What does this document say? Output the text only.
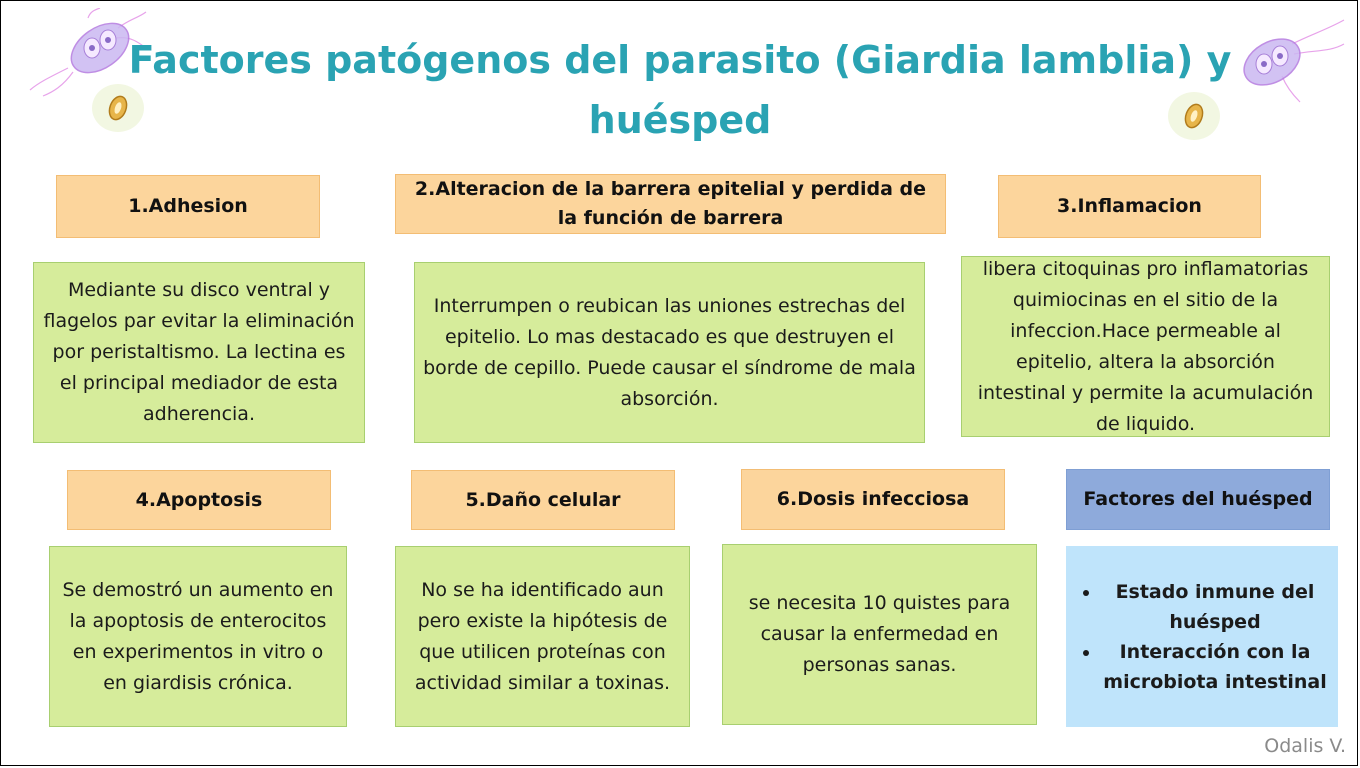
Factores patógenos del parasito (Giardia lamblia) y huésped
1.Adhesion
2.Alteracion de la barrera epitelial y perdida de la función de barrera
3.Inflamacion
Mediante su disco ventral y flagelos par evitar la eliminación por peristaltismo. La lectina es el principal mediador de esta adherencia.
Interrumpen o reubican las uniones estrechas del epitelio. Lo mas destacado es que destruyen el borde de cepillo. Puede causar el síndrome de mala absorción.
libera citoquinas pro inflamatorias quimiocinas en el sitio de la infeccion.Hace permeable al epitelio, altera la absorción intestinal y permite la acumulación de liquido.
4.Apoptosis	5.Daño celular	6.Dosis infecciosa	Factores del huésped
Se demostró un aumento en la apoptosis de enterocitos en experimentos in vitro o en giardisis crónica.
No se ha identificado aun pero existe la hipótesis de que utilicen proteínas con actividad similar a toxinas.
se necesita 10 quistes para causar la enfermedad en personas sanas.
• Estado inmune del huésped
• Interacción con la microbiota intestinal
Odalis V.
